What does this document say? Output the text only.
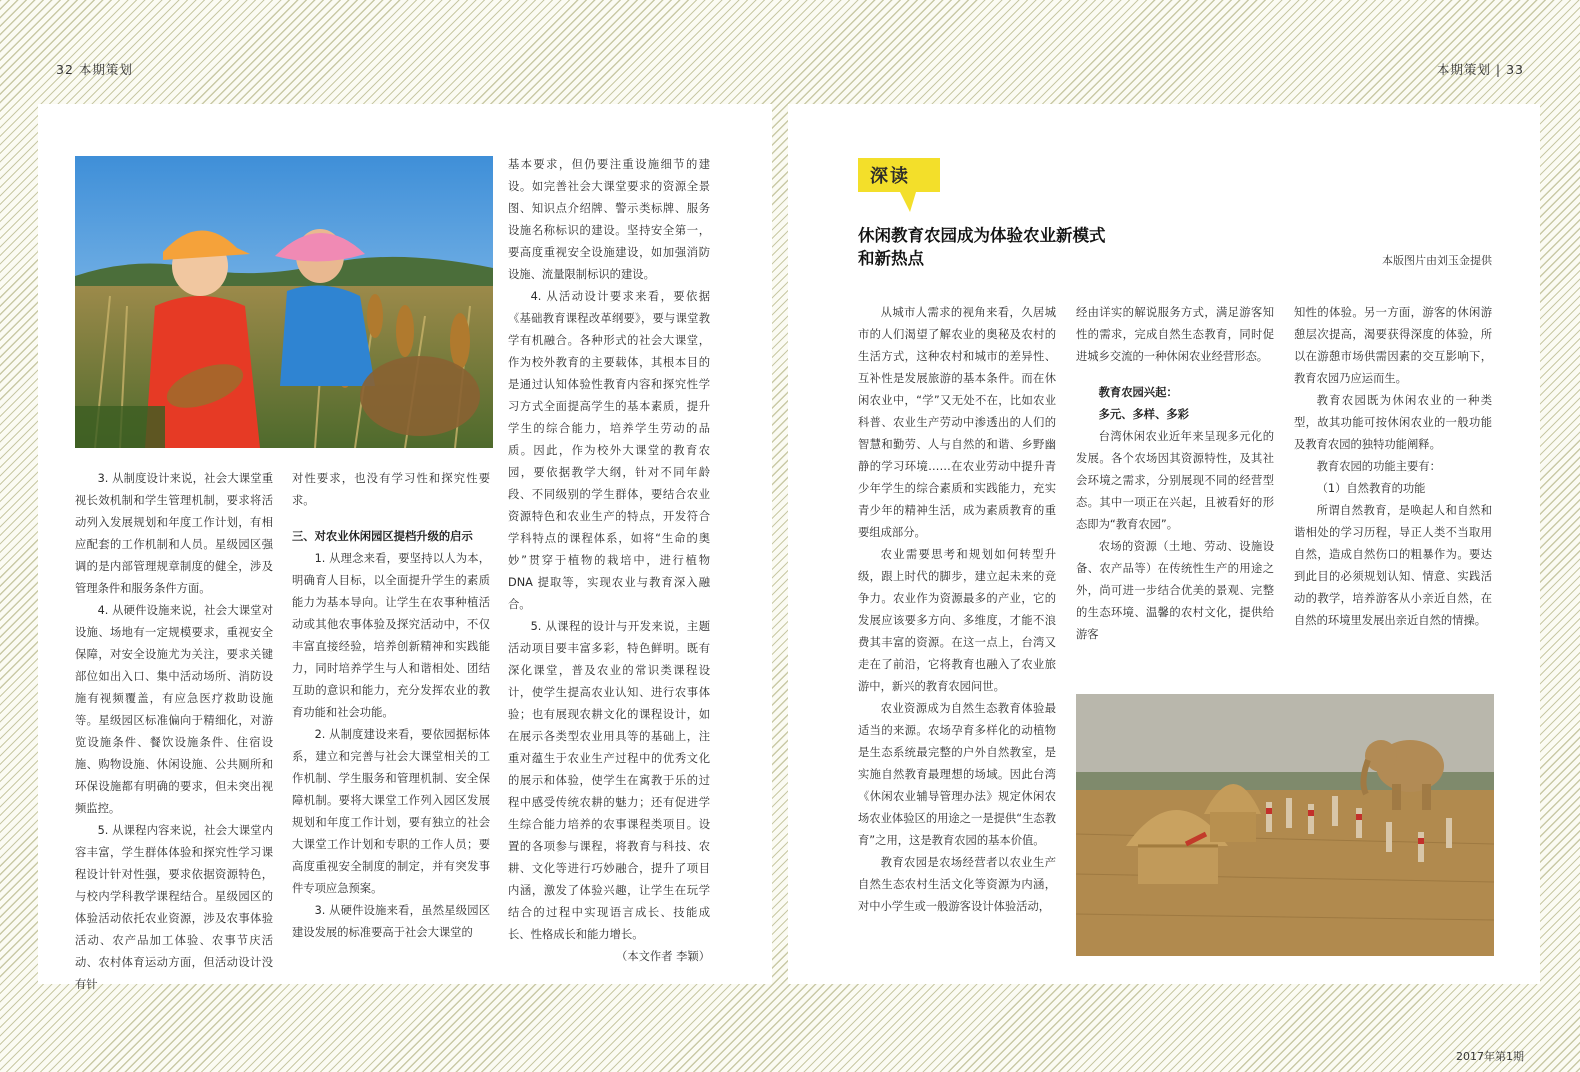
32 本期策划	本期策划 | 33
2017年第1期

3. 从制度设计来说，社会大课堂重视长效机制和学生管理机制，要求将活动列入发展规划和年度工作计划，有相应配套的工作机制和人员。星级园区强调的是内部管理规章制度的健全，涉及管理条件和服务条件方面。

4. 从硬件设施来说，社会大课堂对设施、场地有一定规模要求，重视安全保障，对安全设施尤为关注，要求关键部位如出入口、集中活动场所、消防设施有视频覆盖，有应急医疗救助设施等。星级园区标准偏向于精细化，对游览设施条件、餐饮设施条件、住宿设施、购物设施、休闲设施、公共厕所和环保设施都有明确的要求，但未突出视频监控。

5. 从课程内容来说，社会大课堂内容丰富，学生群体体验和探究性学习课程设计针对性强，要求依据资源特色，与校内学科教学课程结合。星级园区的体验活动依托农业资源，涉及农事体验活动、农产品加工体验、农事节庆活动、农村体育运动方面，但活动设计没有针

对性要求，也没有学习性和探究性要求。

三、对农业休闲园区提档升级的启示

1. 从理念来看，要坚持以人为本，明确育人目标，以全面提升学生的素质能力为基本导向。让学生在农事种植活动或其他农事体验及探究活动中，不仅丰富直接经验，培养创新精神和实践能力，同时培养学生与人和谐相处、团结互助的意识和能力，充分发挥农业的教育功能和社会功能。

2. 从制度建设来看，要依园据标体系，建立和完善与社会大课堂相关的工作机制、学生服务和管理机制、安全保障机制。要将大课堂工作列入园区发展规划和年度工作计划，要有独立的社会大课堂工作计划和专职的工作人员；要高度重视安全制度的制定，并有突发事件专项应急预案。

3. 从硬件设施来看，虽然星级园区建设发展的标准要高于社会大课堂的

基本要求，但仍要注重设施细节的建设。如完善社会大课堂要求的资源全景图、知识点介绍牌、警示类标牌、服务设施名称标识的建设。坚持安全第一，要高度重视安全设施建设，如加强消防设施、流量限制标识的建设。

4. 从活动设计要求来看，要依据《基础教育课程改革纲要》，要与课堂教学有机融合。各种形式的社会大课堂，作为校外教育的主要载体，其根本目的是通过认知体验性教育内容和探究性学习方式全面提高学生的基本素质，提升学生的综合能力，培养学生劳动的品质。因此，作为校外大课堂的教育农园，要依据教学大纲，针对不同年龄段、不同级别的学生群体，要结合农业资源特色和农业生产的特点，开发符合学科特点的课程体系，如将“生命的奥妙”贯穿于植物的栽培中，进行植物 DNA 提取等，实现农业与教育深入融合。

5. 从课程的设计与开发来说，主题活动项目要丰富多彩，特色鲜明。既有深化课堂，普及农业的常识类课程设计，使学生提高农业认知、进行农事体验；也有展现农耕文化的课程设计，如在展示各类型农业用具等的基础上，注重对蕴生于农业生产过程中的优秀文化的展示和体验，使学生在寓教于乐的过程中感受传统农耕的魅力；还有促进学生综合能力培养的农事课程类项目。设置的各项参与课程，将教育与科技、农耕、文化等进行巧妙融合，提升了项目内涵，激发了体验兴趣，让学生在玩学结合的过程中实现语言成长、技能成长、性格成长和能力增长。

（本文作者 李颖）

深读
休闲教育农园成为体验农业新模式
和新热点	本版图片由刘玉金提供

从城市人需求的视角来看，久居城市的人们渴望了解农业的奥秘及农村的生活方式，这种农村和城市的差异性、互补性是发展旅游的基本条件。而在休闲农业中，“学”又无处不在，比如农业科普、农业生产劳动中渗透出的人们的智慧和勤劳、人与自然的和谐、乡野幽静的学习环境……在农业劳动中提升青少年学生的综合素质和实践能力，充实青少年的精神生活，成为素质教育的重要组成部分。

农业需要思考和规划如何转型升级，跟上时代的脚步，建立起未来的竞争力。农业作为资源最多的产业，它的发展应该要多方向、多维度，才能不浪费其丰富的资源。在这一点上，台湾又走在了前沿，它将教育也融入了农业旅游中，新兴的教育农园问世。

农业资源成为自然生态教育体验最适当的来源。农场孕育多样化的动植物是生态系统最完整的户外自然教室，是实施自然教育最理想的场域。因此台湾《休闲农业辅导管理办法》规定休闲农场农业体验区的用途之一是提供“生态教育”之用，这是教育农园的基本价值。

教育农园是农场经营者以农业生产自然生态农村生活文化等资源为内涵，对中小学生或一般游客设计体验活动，

经由详实的解说服务方式，满足游客知性的需求，完成自然生态教育，同时促进城乡交流的一种休闲农业经营形态。

教育农园兴起：

多元、多样、多彩

台湾休闲农业近年来呈现多元化的发展。各个农场因其资源特性，及其社会环境之需求，分别展现不同的经营型态。其中一项正在兴起，且被看好的形态即为“教育农园”。

农场的资源（土地、劳动、设施设备、农产品等）在传统性生产的用途之外，尚可进一步结合优美的景观、完整的生态环境、温馨的农村文化，提供给游客

知性的体验。另一方面，游客的休闲游憩层次提高，渴要获得深度的体验，所以在游憩市场供需因素的交互影响下，教育农园乃应运而生。

教育农园既为休闲农业的一种类型，故其功能可按休闲农业的一般功能及教育农园的独特功能阐释。

教育农园的功能主要有：

（1）自然教育的功能

所谓自然教育，是唤起人和自然和谐相处的学习历程，导正人类不当取用自然，造成自然伤口的粗暴作为。要达到此目的必须规划认知、情意、实践活动的教学，培养游客从小亲近自然，在自然的环境里发展出亲近自然的情操。
